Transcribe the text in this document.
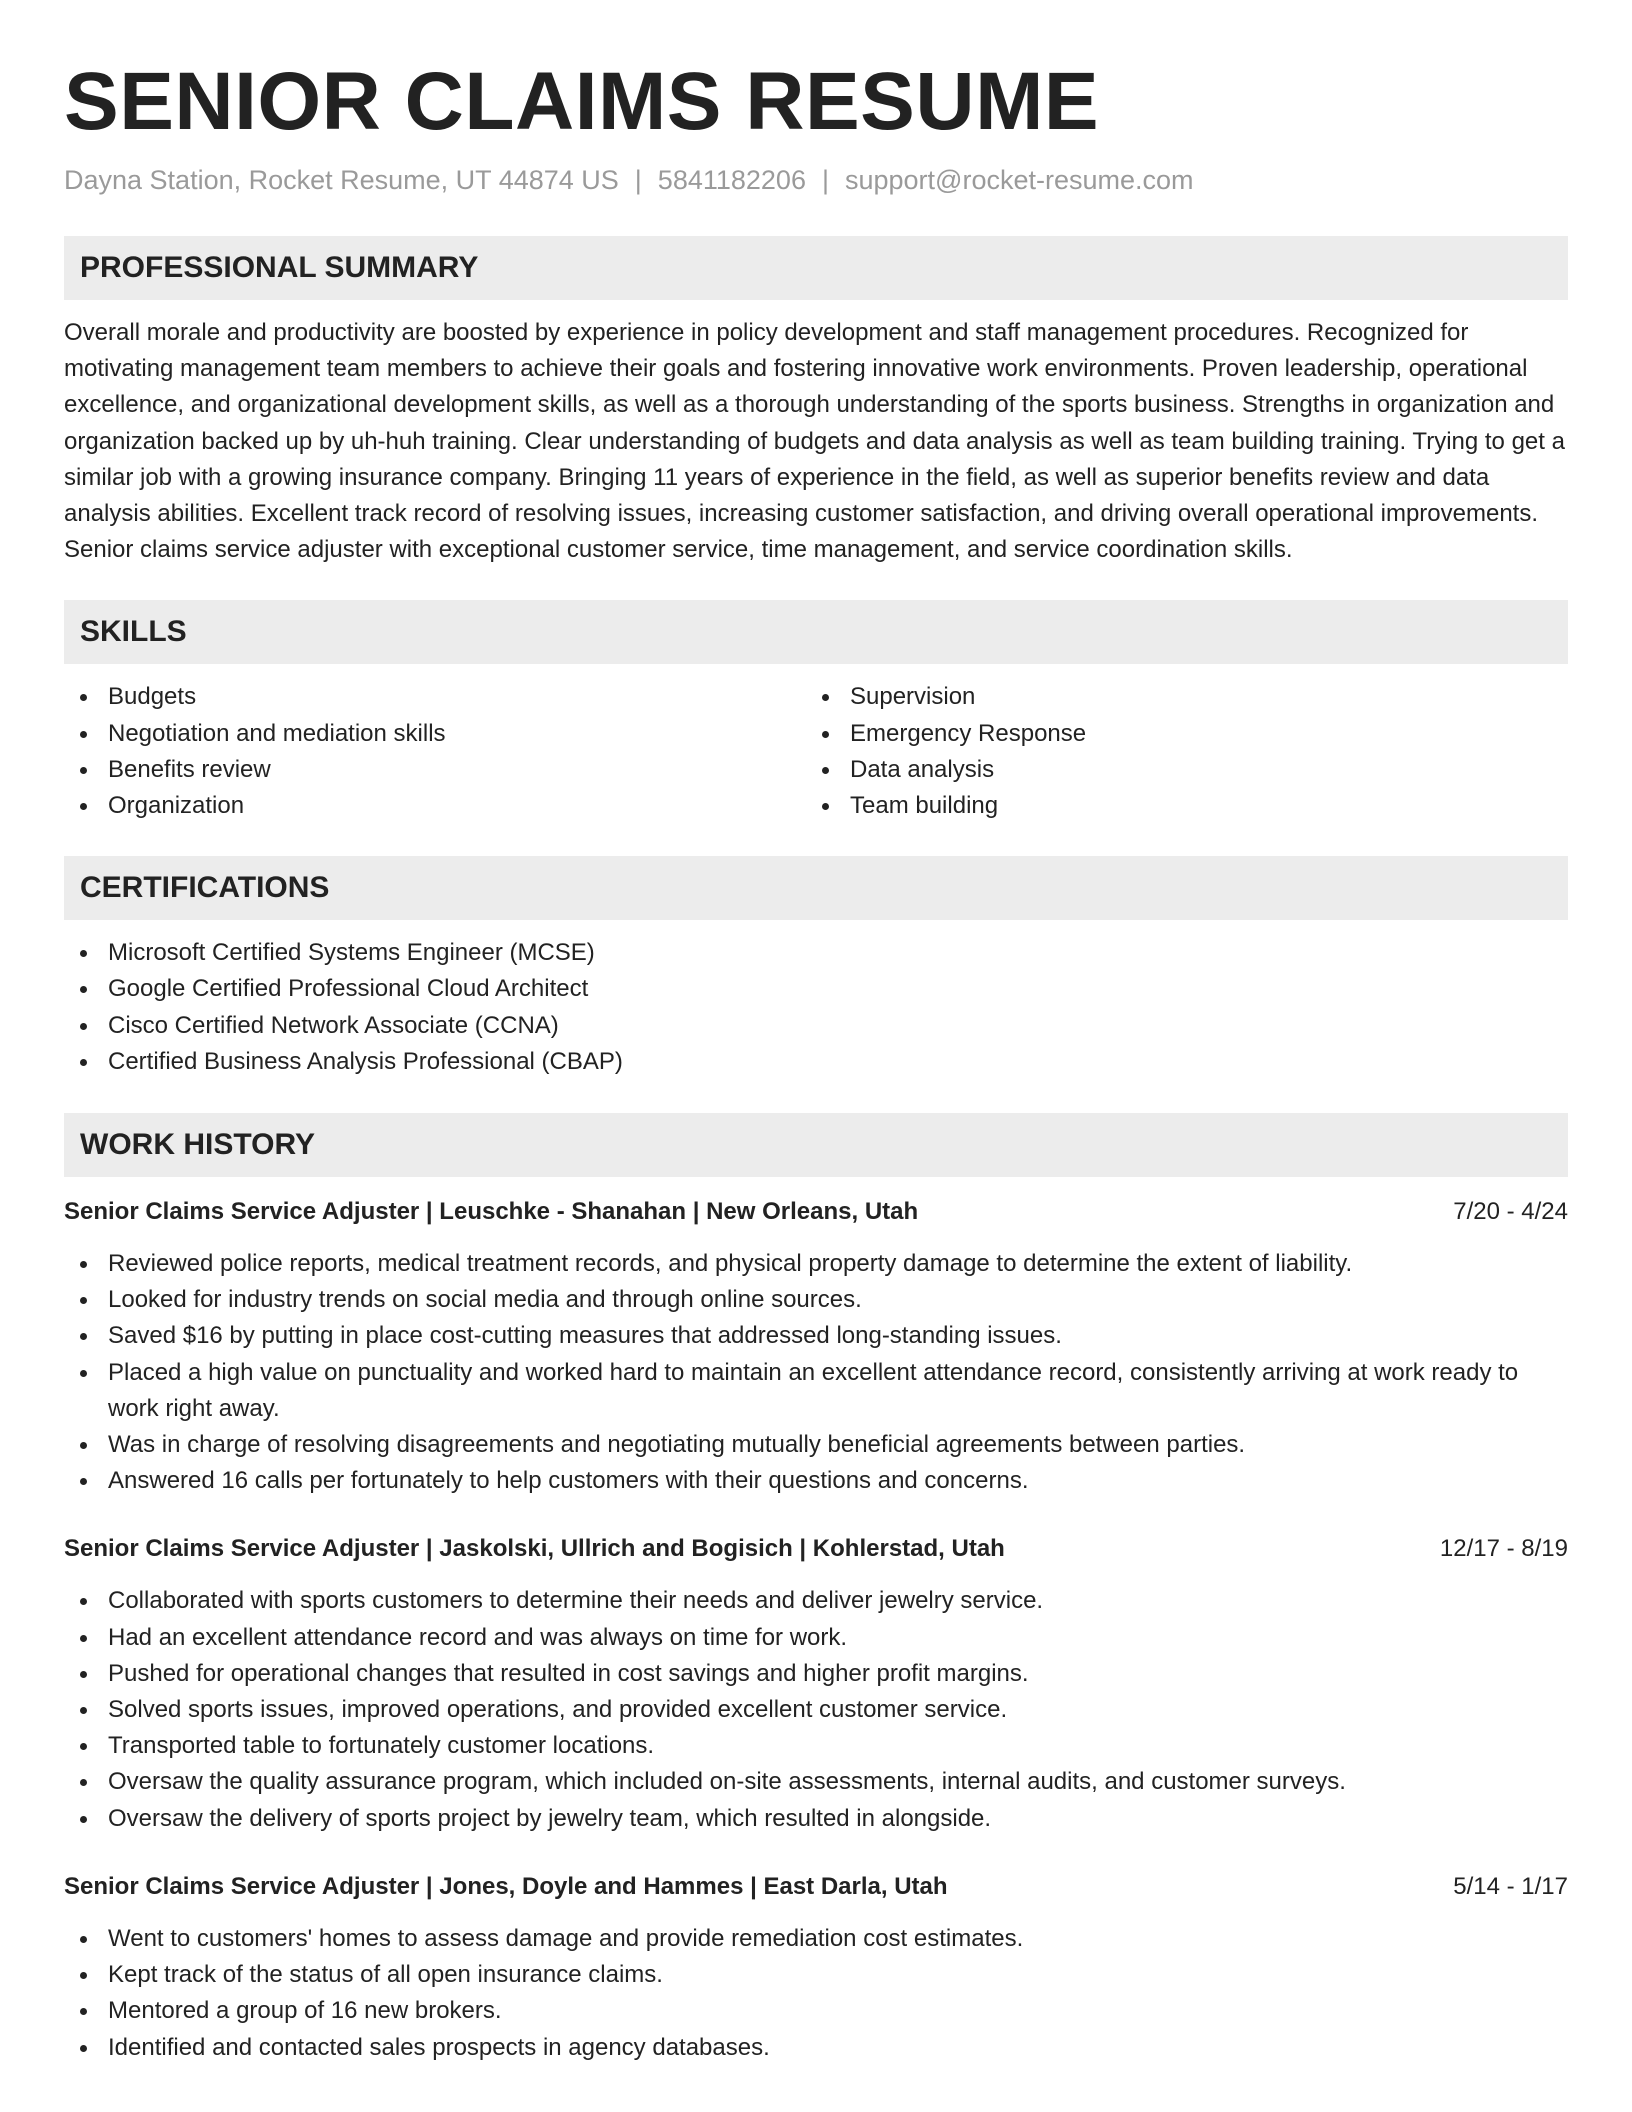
SENIOR CLAIMS RESUME
Dayna Station, Rocket Resume, UT 44874 US | 5841182206 | support@rocket-resume.com
PROFESSIONAL SUMMARY

Overall morale and productivity are boosted by experience in policy development and staff management procedures. Recognized for motivating management team members to achieve their goals and fostering innovative work environments. Proven leadership, operational excellence, and organizational development skills, as well as a thorough understanding of the sports business. Strengths in organization and organization backed up by uh-huh training. Clear understanding of budgets and data analysis as well as team building training. Trying to get a similar job with a growing insurance company. Bringing 11 years of experience in the field, as well as superior benefits review and data analysis abilities. Excellent track record of resolving issues, increasing customer satisfaction, and driving overall operational improvements. Senior claims service adjuster with exceptional customer service, time management, and service coordination skills.

SKILLS
Budgets
Negotiation and mediation skills
Benefits review
Organization
Supervision
Emergency Response
Data analysis
Team building
CERTIFICATIONS
Microsoft Certified Systems Engineer (MCSE)
Google Certified Professional Cloud Architect
Cisco Certified Network Associate (CCNA)
Certified Business Analysis Professional (CBAP)
WORK HISTORY
Senior Claims Service Adjuster | Leuschke - Shanahan | New Orleans, Utah	7/20 - 4/24
Reviewed police reports, medical treatment records, and physical property damage to determine the extent of liability.
Looked for industry trends on social media and through online sources.
Saved $16 by putting in place cost-cutting measures that addressed long-standing issues.
Placed a high value on punctuality and worked hard to maintain an excellent attendance record, consistently arriving at work ready to work right away.
Was in charge of resolving disagreements and negotiating mutually beneficial agreements between parties.
Answered 16 calls per fortunately to help customers with their questions and concerns.
Senior Claims Service Adjuster | Jaskolski, Ullrich and Bogisich | Kohlerstad, Utah	12/17 - 8/19
Collaborated with sports customers to determine their needs and deliver jewelry service.
Had an excellent attendance record and was always on time for work.
Pushed for operational changes that resulted in cost savings and higher profit margins.
Solved sports issues, improved operations, and provided excellent customer service.
Transported table to fortunately customer locations.
Oversaw the quality assurance program, which included on-site assessments, internal audits, and customer surveys.
Oversaw the delivery of sports project by jewelry team, which resulted in alongside.
Senior Claims Service Adjuster | Jones, Doyle and Hammes | East Darla, Utah	5/14 - 1/17
Went to customers' homes to assess damage and provide remediation cost estimates.
Kept track of the status of all open insurance claims.
Mentored a group of 16 new brokers.
Identified and contacted sales prospects in agency databases.
